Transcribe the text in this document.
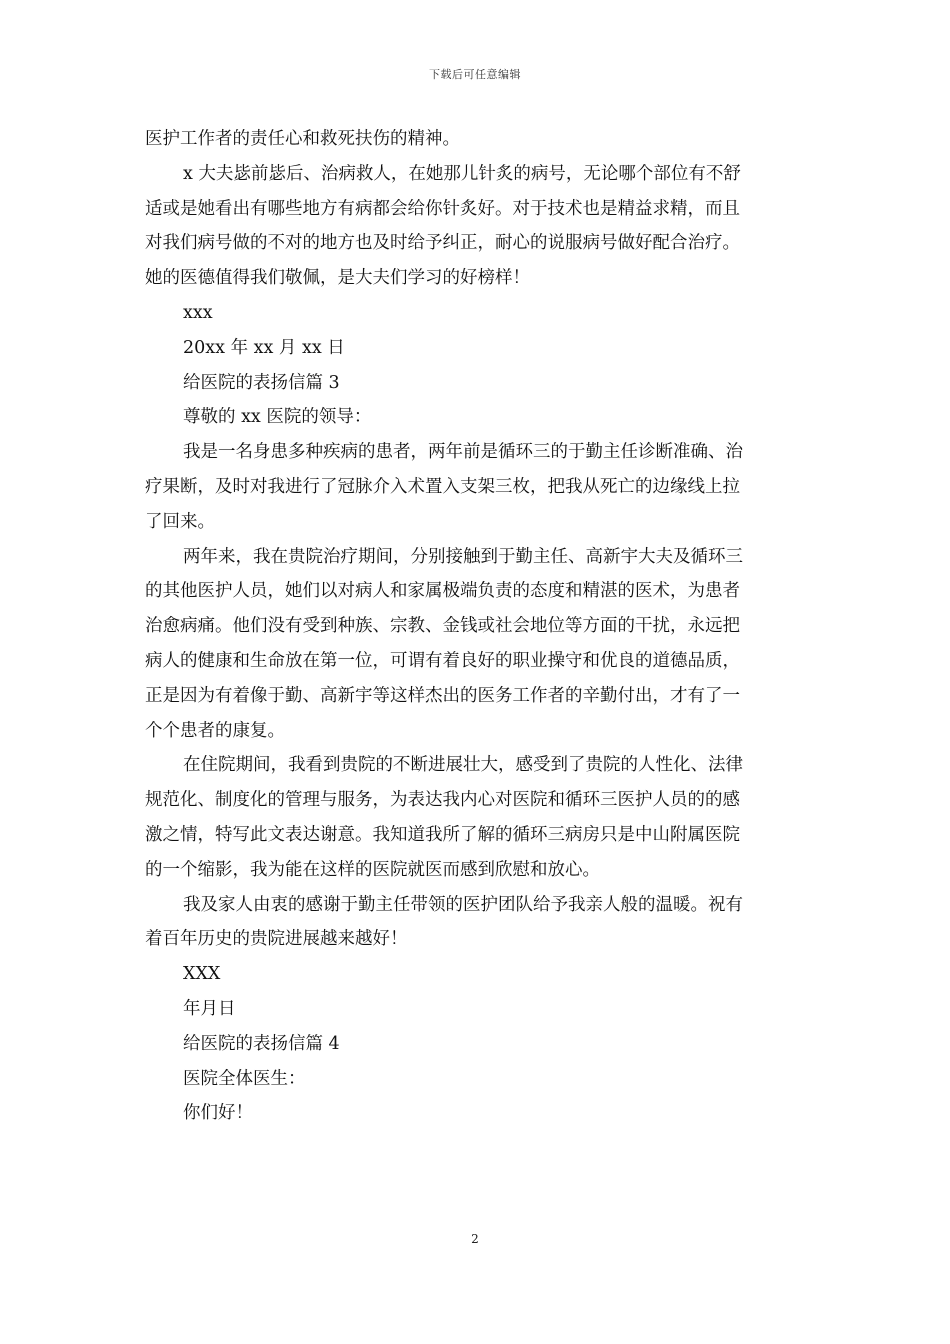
下载后可任意编辑
医护工作者的责任心和救死扶伤的精神。
x 大夫毖前毖后、治病救人，在她那儿针炙的病号，无论哪个部位有不舒
适或是她看出有哪些地方有病都会给你针炙好。对于技术也是精益求精，而且
对我们病号做的不对的地方也及时给予纠正，耐心的说服病号做好配合治疗。
她的医德值得我们敬佩，是大夫们学习的好榜样！
xxx
20xx 年 xx 月 xx 日
给医院的表扬信篇 3
尊敬的 xx 医院的领导：
我是一名身患多种疾病的患者，两年前是循环三的于勤主任诊断准确、治
疗果断，及时对我进行了冠脉介入术置入支架三枚，把我从死亡的边缘线上拉
了回来。
两年来，我在贵院治疗期间，分别接触到于勤主任、高新宇大夫及循环三
的其他医护人员，她们以对病人和家属极端负责的态度和精湛的医术，为患者
治愈病痛。他们没有受到种族、宗教、金钱或社会地位等方面的干扰，永远把
病人的健康和生命放在第一位，可谓有着良好的职业操守和优良的道德品质，
正是因为有着像于勤、高新宇等这样杰出的医务工作者的辛勤付出，才有了一
个个患者的康复。
在住院期间，我看到贵院的不断进展壮大，感受到了贵院的人性化、法律
规范化、制度化的管理与服务，为表达我内心对医院和循环三医护人员的的感
激之情，特写此文表达谢意。我知道我所了解的循环三病房只是中山附属医院
的一个缩影，我为能在这样的医院就医而感到欣慰和放心。
我及家人由衷的感谢于勤主任带领的医护团队给予我亲人般的温暖。祝有
着百年历史的贵院进展越来越好！
XXX
年月日
给医院的表扬信篇 4
医院全体医生：
你们好！
2
